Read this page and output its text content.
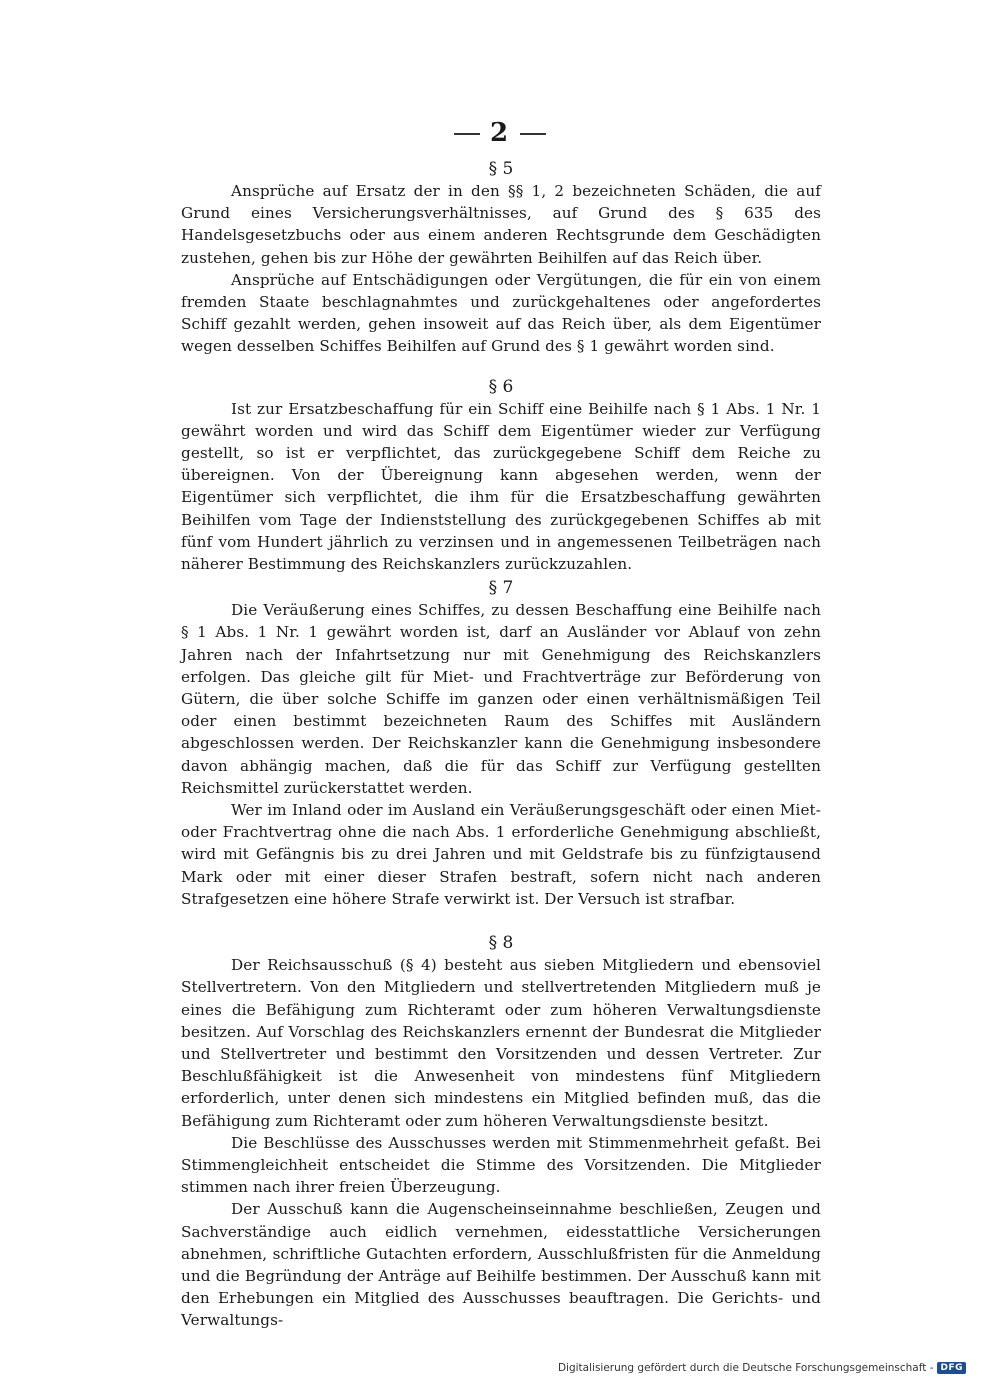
2

§ 5

Ansprüche auf Ersatz der in den §§ 1, 2 bezeichneten Schäden, die auf Grund eines Versicherungsverhältnisses, auf Grund des § 635 des Handelsgesetzbuchs oder aus einem anderen Rechtsgrunde dem Geschädigten zustehen, gehen bis zur Höhe der gewährten Beihilfen auf das Reich über.

Ansprüche auf Entschädigungen oder Vergütungen, die für ein von einem fremden Staate beschlagnahmtes und zurückgehaltenes oder angefordertes Schiff gezahlt werden, gehen insoweit auf das Reich über, als dem Eigentümer wegen desselben Schiffes Beihilfen auf Grund des § 1 gewährt worden sind.

§ 6

Ist zur Ersatzbeschaffung für ein Schiff eine Beihilfe nach § 1 Abs. 1 Nr. 1 gewährt worden und wird das Schiff dem Eigentümer wieder zur Verfügung gestellt, so ist er verpflichtet, das zurückgegebene Schiff dem Reiche zu übereignen. Von der Übereignung kann abgesehen werden, wenn der Eigentümer sich verpflichtet, die ihm für die Ersatzbeschaffung gewährten Beihilfen vom Tage der Indienststellung des zurückgegebenen Schiffes ab mit fünf vom Hundert jährlich zu verzinsen und in angemessenen Teilbeträgen nach näherer Bestimmung des Reichskanzlers zurückzuzahlen.

§ 7

Die Veräußerung eines Schiffes, zu dessen Beschaffung eine Beihilfe nach § 1 Abs. 1 Nr. 1 gewährt worden ist, darf an Ausländer vor Ablauf von zehn Jahren nach der Infahrtsetzung nur mit Genehmigung des Reichskanzlers erfolgen. Das gleiche gilt für Miet- und Frachtverträge zur Beförderung von Gütern, die über solche Schiffe im ganzen oder einen verhältnismäßigen Teil oder einen bestimmt bezeichneten Raum des Schiffes mit Ausländern abgeschlossen werden. Der Reichskanzler kann die Genehmigung insbesondere davon abhängig machen, daß die für das Schiff zur Verfügung gestellten Reichsmittel zurückerstattet werden.

Wer im Inland oder im Ausland ein Veräußerungsgeschäft oder einen Miet- oder Frachtvertrag ohne die nach Abs. 1 erforderliche Genehmigung abschließt, wird mit Gefängnis bis zu drei Jahren und mit Geldstrafe bis zu fünfzigtausend Mark oder mit einer dieser Strafen bestraft, sofern nicht nach anderen Strafgesetzen eine höhere Strafe verwirkt ist. Der Versuch ist strafbar.

§ 8

Der Reichsausschuß (§ 4) besteht aus sieben Mitgliedern und ebensoviel Stellvertretern. Von den Mitgliedern und stellvertretenden Mitgliedern muß je eines die Befähigung zum Richteramt oder zum höheren Verwaltungsdienste besitzen. Auf Vorschlag des Reichskanzlers ernennt der Bundesrat die Mitglieder und Stellvertreter und bestimmt den Vorsitzenden und dessen Vertreter. Zur Beschlußfähigkeit ist die Anwesenheit von mindestens fünf Mitgliedern erforderlich, unter denen sich mindestens ein Mitglied befinden muß, das die Befähigung zum Richteramt oder zum höheren Verwaltungsdienste besitzt.

Die Beschlüsse des Ausschusses werden mit Stimmenmehrheit gefaßt. Bei Stimmengleichheit entscheidet die Stimme des Vorsitzenden. Die Mitglieder stimmen nach ihrer freien Überzeugung.

Der Ausschuß kann die Augenscheinseinnahme beschließen, Zeugen und Sachverständige auch eidlich vernehmen, eidesstattliche Versicherungen abnehmen, schriftliche Gutachten erfordern, Ausschlußfristen für die Anmeldung und die Begründung der Anträge auf Beihilfe bestimmen. Der Ausschuß kann mit den Erhebungen ein Mitglied des Ausschusses beauftragen. Die Gerichts- und Verwaltungs-

Digitalisierung gefördert durch die Deutsche Forschungsgemeinschaft - DFG
